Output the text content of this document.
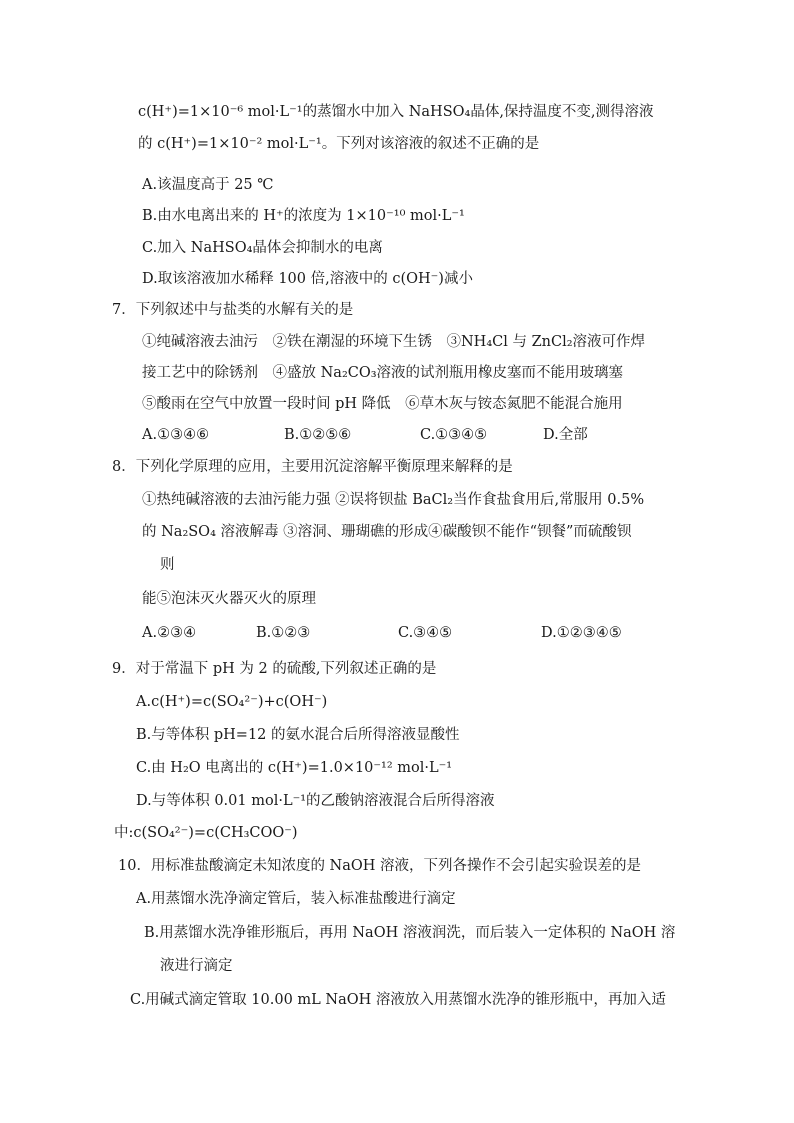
c(H⁺)=1×10⁻⁶ mol·L⁻¹的蒸馏水中加入 NaHSO₄晶体,保持温度不变,测得溶液
的 c(H⁺)=1×10⁻² mol·L⁻¹。下列对该溶液的叙述不正确的是
A.该温度高于 25 ℃
B.由水电离出来的 H⁺的浓度为 1×10⁻¹⁰ mol·L⁻¹
C.加入 NaHSO₄晶体会抑制水的电离
D.取该溶液加水稀释 100 倍,溶液中的 c(OH⁻)减小
7．下列叙述中与盐类的水解有关的是
①纯碱溶液去油污　②铁在潮湿的环境下生锈　③NH₄Cl 与 ZnCl₂溶液可作焊
接工艺中的除锈剂　④盛放 Na₂CO₃溶液的试剂瓶用橡皮塞而不能用玻璃塞
⑤酸雨在空气中放置一段时间 pH 降低　⑥草木灰与铵态氮肥不能混合施用
A.①③④⑥	B.①②⑤⑥	C.①③④⑤	D.全部
8．下列化学原理的应用，主要用沉淀溶解平衡原理来解释的是
①热纯碱溶液的去油污能力强 ②误将钡盐 BaCl₂当作食盐食用后,常服用 0.5%
的 Na₂SO₄ 溶液解毒 ③溶洞、珊瑚礁的形成④碳酸钡不能作“钡餐”而硫酸钡
则
能⑤泡沫灭火器灭火的原理
A.②③④	B.①②③	C.③④⑤	D.①②③④⑤
9．对于常温下 pH 为 2 的硫酸,下列叙述正确的是
A.c(H⁺)=c(SO₄²⁻)+c(OH⁻)
B.与等体积 pH=12 的氨水混合后所得溶液显酸性
C.由 H₂O 电离出的 c(H⁺)=1.0×10⁻¹² mol·L⁻¹
D.与等体积 0.01 mol·L⁻¹的乙酸钠溶液混合后所得溶液
中:c(SO₄²⁻)=c(CH₃COO⁻)
10．用标准盐酸滴定未知浓度的 NaOH 溶液，下列各操作不会引起实验误差的是
A.用蒸馏水洗净滴定管后，装入标准盐酸进行滴定
B.用蒸馏水洗净锥形瓶后，再用 NaOH 溶液润洗，而后装入一定体积的 NaOH 溶
液进行滴定
C.用碱式滴定管取 10.00 mL NaOH 溶液放入用蒸馏水洗净的锥形瓶中，再加入适
